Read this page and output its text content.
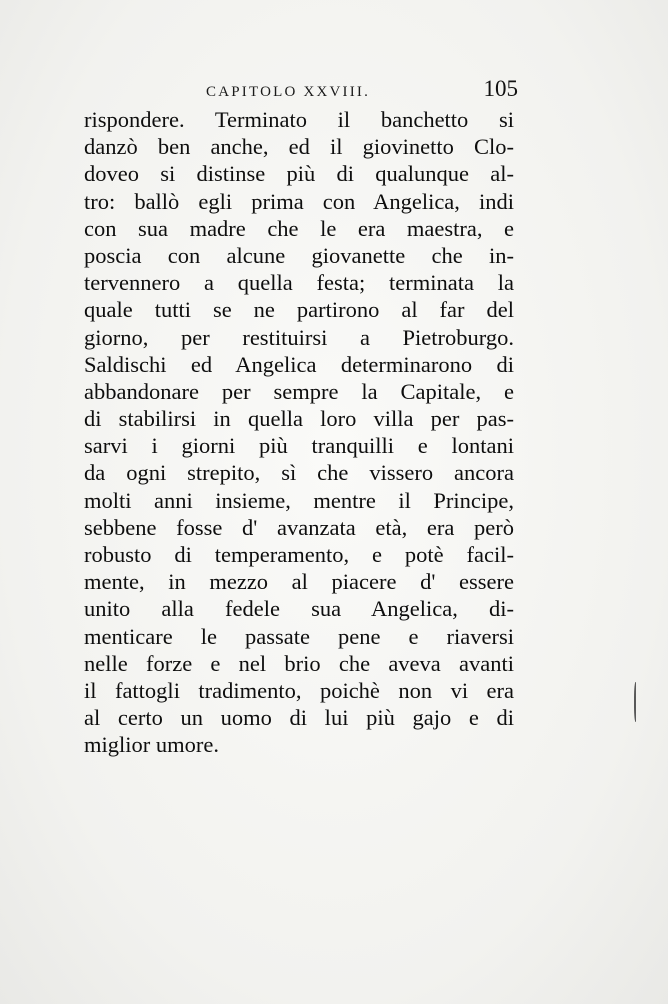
CAPITOLO XXVIII.	105
rispondere. Terminato il banchetto si
danzò ben anche, ed il giovinetto Clo-
doveo si distinse più di qualunque al-
tro: ballò egli prima con Angelica, indi
con sua madre che le era maestra, e
poscia con alcune giovanette che in-
tervennero a quella festa; terminata la
quale tutti se ne partirono al far del
giorno, per restituirsi a Pietroburgo.
Saldischi ed Angelica determinarono di
abbandonare per sempre la Capitale, e
di stabilirsi in quella loro villa per pas-
sarvi i giorni più tranquilli e lontani
da ogni strepito, sì che vissero ancora
molti anni insieme, mentre il Principe,
sebbene fosse d' avanzata età, era però
robusto di temperamento, e potè facil-
mente, in mezzo al piacere d' essere
unito alla fedele sua Angelica, di-
menticare le passate pene e riaversi
nelle forze e nel brio che aveva avanti
il fattogli tradimento, poichè non vi era
al certo un uomo di lui più gajo e di
miglior umore.
